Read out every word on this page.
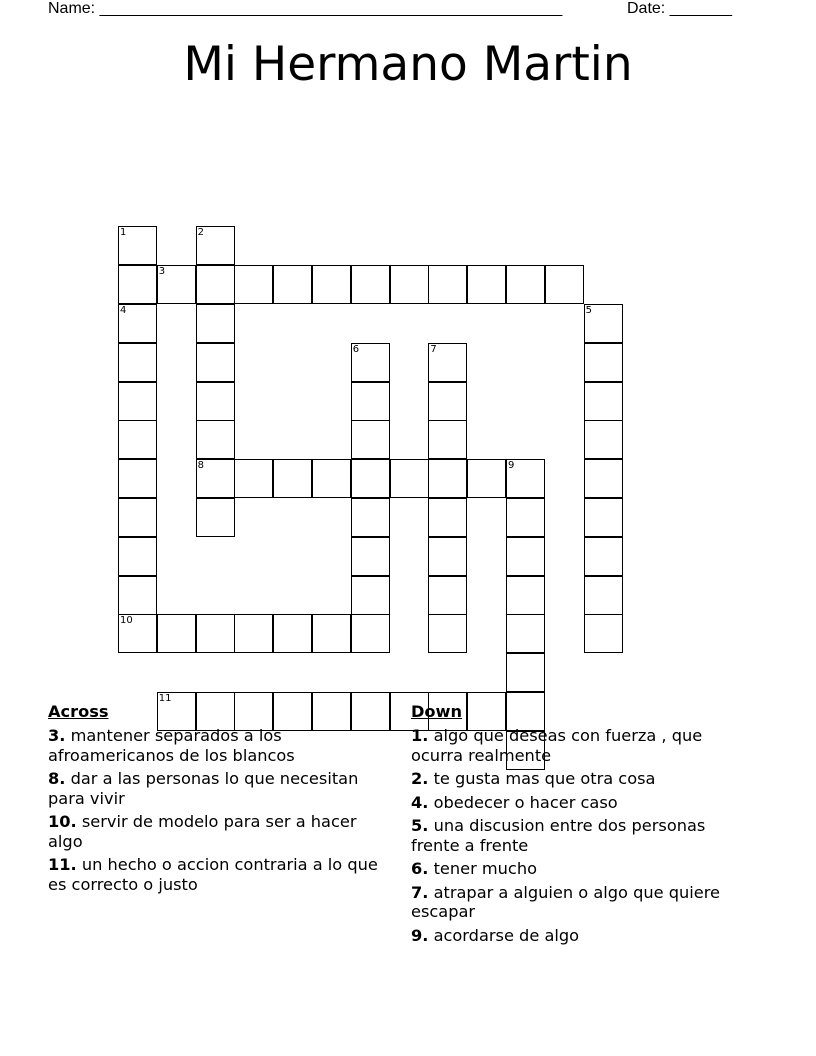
Name: ____________________________________________________	Date: _______
Mi Hermano Martin
1
4
2
8
3
10
5
6	7
9
11
Across
3. mantener separados a los afroamericanos de los blancos
8. dar a las personas lo que necesitan para vivir
10. servir de modelo para ser a hacer algo
11. un hecho o accion contraria a lo que es correcto o justo
Down
1. algo que deseas con fuerza , que ocurra realmente
2. te gusta mas que otra cosa
4. obedecer o hacer caso
5. una discusion entre dos personas frente a frente
6. tener mucho
7. atrapar a alguien o algo que quiere escapar
9. acordarse de algo
